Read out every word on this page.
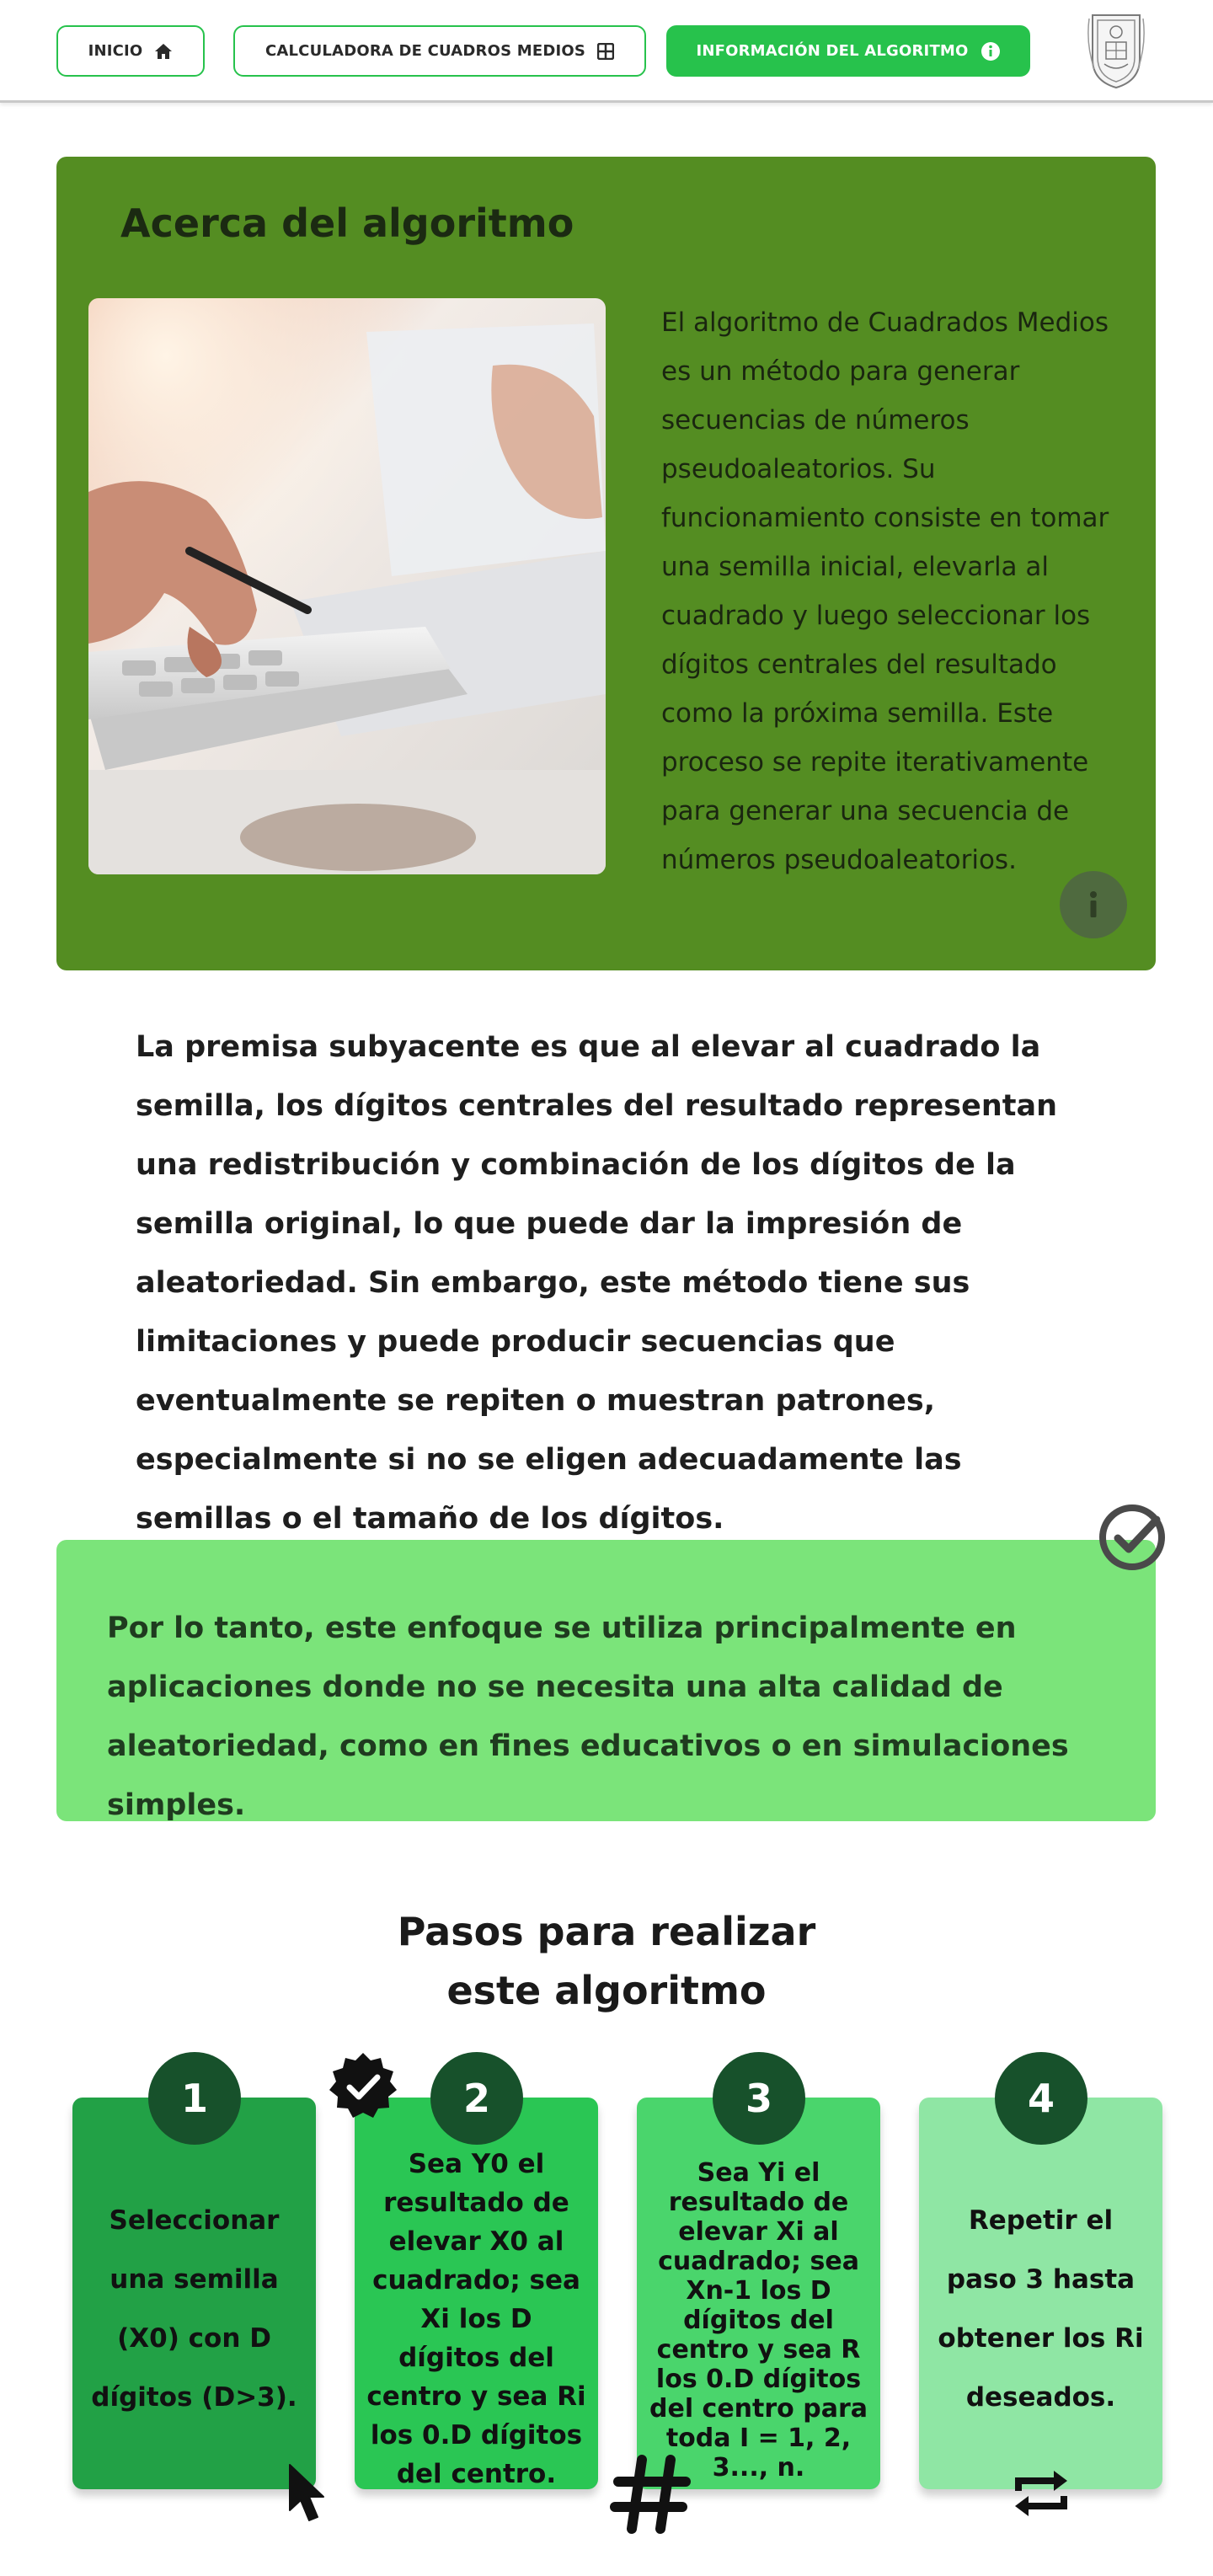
INICIO	CALCULADORA DE CUADROS MEDIOS	INFORMACIÓN DEL ALGORITMO
Acerca del algoritmo

El algoritmo de Cuadrados Medios es un método para generar secuencias de números pseudoaleatorios. Su funcionamiento consiste en tomar una semilla inicial, elevarla al cuadrado y luego seleccionar los dígitos centrales del resultado como la próxima semilla. Este proceso se repite iterativamente para generar una secuencia de números pseudoaleatorios.

La premisa subyacente es que al elevar al cuadrado la semilla, los dígitos centrales del resultado representan una redistribución y combinación de los dígitos de la semilla original, lo que puede dar la impresión de aleatoriedad. Sin embargo, este método tiene sus limitaciones y puede producir secuencias que eventualmente se repiten o muestran patrones, especialmente si no se eligen adecuadamente las semillas o el tamaño de los dígitos.

Por lo tanto, este enfoque se utiliza principalmente en aplicaciones donde no se necesita una alta calidad de aleatoriedad, como en fines educativos o en simulaciones simples.

Pasos para realizar este algoritmo

Seleccionar una semilla (X0) con D dígitos (D>3).

Sea Y0 el resultado de elevar X0 al cuadrado; sea Xi los D dígitos del centro y sea Ri los 0.D dígitos del centro.

Sea Yi el resultado de elevar Xi al cuadrado; sea Xn-1 los D dígitos del centro y sea R los 0.D dígitos del centro para toda I = 1, 2, 3..., n.

Repetir el paso 3 hasta obtener los Ri deseados.

1	2	3	4
